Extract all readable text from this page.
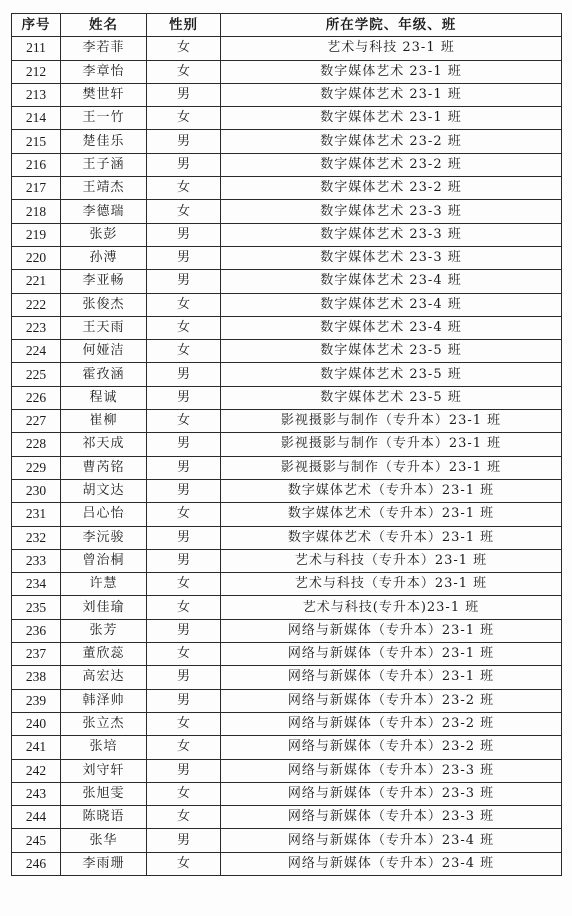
序号	姓名	性别	所在学院、年级、班
211	李若菲	女	艺术与科技 23-1 班
212	李章怡	女	数字媒体艺术 23-1 班
213	樊世轩	男	数字媒体艺术 23-1 班
214	王一竹	女	数字媒体艺术 23-1 班
215	楚佳乐	男	数字媒体艺术 23-2 班
216	王子涵	男	数字媒体艺术 23-2 班
217	王靖杰	女	数字媒体艺术 23-2 班
218	李德瑞	女	数字媒体艺术 23-3 班
219	张彭	男	数字媒体艺术 23-3 班
220	孙溥	男	数字媒体艺术 23-3 班
221	李亚畅	男	数字媒体艺术 23-4 班
222	张俊杰	女	数字媒体艺术 23-4 班
223	王天雨	女	数字媒体艺术 23-4 班
224	何娅洁	女	数字媒体艺术 23-5 班
225	霍孜涵	男	数字媒体艺术 23-5 班
226	程诚	男	数字媒体艺术 23-5 班
227	崔柳	女	影视摄影与制作（专升本）23-1 班
228	祁天成	男	影视摄影与制作（专升本）23-1 班
229	曹芮铭	男	影视摄影与制作（专升本）23-1 班
230	胡文达	男	数字媒体艺术（专升本）23-1 班
231	吕心怡	女	数字媒体艺术（专升本）23-1 班
232	李沅骏	男	数字媒体艺术（专升本）23-1 班
233	曾治桐	男	艺术与科技（专升本）23-1 班
234	许慧	女	艺术与科技（专升本）23-1 班
235	刘佳瑜	女	艺术与科技(专升本)23-1 班
236	张芳	男	网络与新媒体（专升本）23-1 班
237	董欣蕊	女	网络与新媒体（专升本）23-1 班
238	高宏达	男	网络与新媒体（专升本）23-1 班
239	韩泽帅	男	网络与新媒体（专升本）23-2 班
240	张立杰	女	网络与新媒体（专升本）23-2 班
241	张培	女	网络与新媒体（专升本）23-2 班
242	刘守轩	男	网络与新媒体（专升本）23-3 班
243	张旭雯	女	网络与新媒体（专升本）23-3 班
244	陈晓语	女	网络与新媒体（专升本）23-3 班
245	张华	男	网络与新媒体（专升本）23-4 班
246	李雨珊	女	网络与新媒体（专升本）23-4 班
